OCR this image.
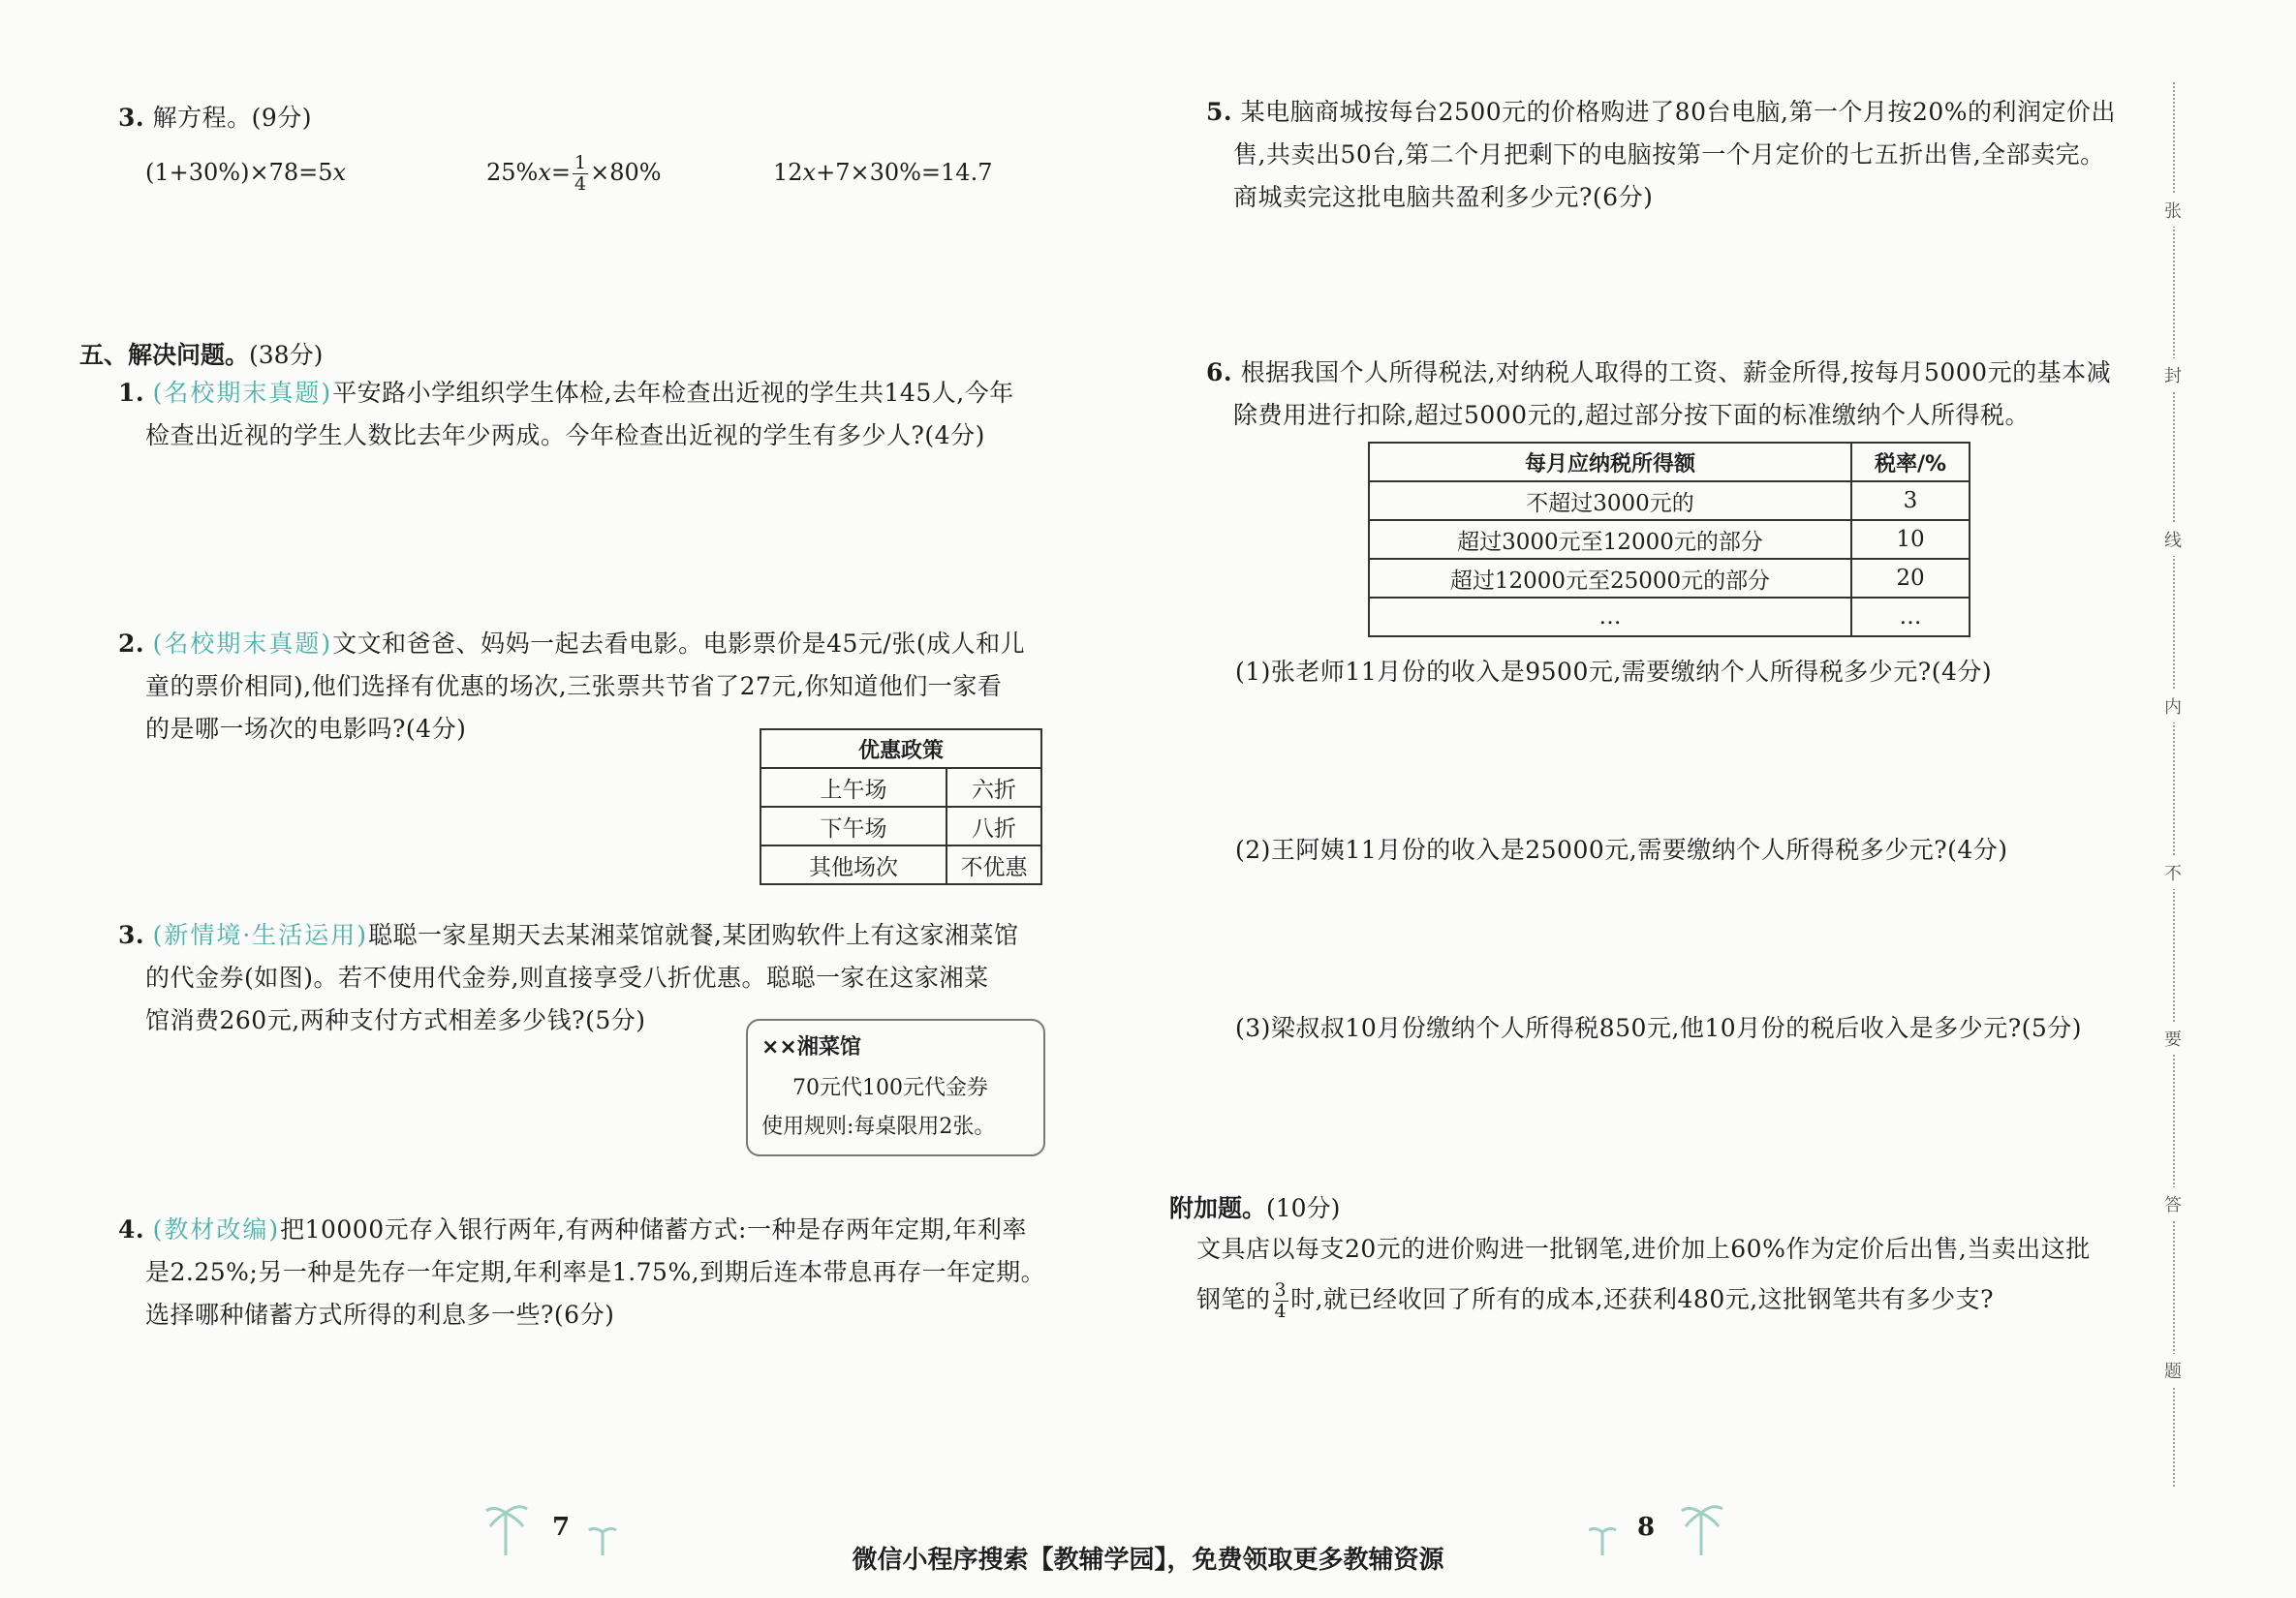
3. 解方程。(9分)
(1+30%)×78=5x	$25\%x= \frac{1}{4} \times 80\%$	12x+7×30%=14.7
五、解决问题。(38分)
1. (名校期末真题)平安路小学组织学生体检,去年检查出近视的学生共145人,今年
检查出近视的学生人数比去年少两成。今年检查出近视的学生有多少人?(4分)
2. (名校期末真题)文文和爸爸、妈妈一起去看电影。电影票价是45元/张(成人和儿
童的票价相同),他们选择有优惠的场次,三张票共节省了27元,你知道他们一家看
的是哪一场次的电影吗?(4分)
优惠政策	
上午场	六折
下午场	八折
其他场次	不优惠
3. (新情境·生活运用)聪聪一家星期天去某湘菜馆就餐,某团购软件上有这家湘菜馆
的代金券(如图)。若不使用代金券,则直接享受八折优惠。聪聪一家在这家湘菜
馆消费260元,两种支付方式相差多少钱?(5分)
××湘菜馆
70元代100元代金券
使用规则:每桌限用2张。
4. (教材改编)把10000元存入银行两年,有两种储蓄方式:一种是存两年定期,年利率
是2.25%;另一种是先存一年定期,年利率是1.75%,到期后连本带息再存一年定期。
选择哪种储蓄方式所得的利息多一些?(6分)
7
5. 某电脑商城按每台2500元的价格购进了80台电脑,第一个月按20%的利润定价出
售,共卖出50台,第二个月把剩下的电脑按第一个月定价的七五折出售,全部卖完。
商城卖完这批电脑共盈利多少元?(6分)
6. 根据我国个人所得税法,对纳税人取得的工资、薪金所得,按每月5000元的基本减
除费用进行扣除,超过5000元的,超过部分按下面的标准缴纳个人所得税。
每月应纳税所得额	税率/%
不超过3000元的	3
超过3000元至12000元的部分	10
超过12000元至25000元的部分	20
…	…
(1)张老师11月份的收入是9500元,需要缴纳个人所得税多少元?(4分)
(2)王阿姨11月份的收入是25000元,需要缴纳个人所得税多少元?(4分)
(3)梁叔叔10月份缴纳个人所得税850元,他10月份的税后收入是多少元?(5分)
附加题。(10分)
文具店以每支20元的进价购进一批钢笔,进价加上60%作为定价后出售,当卖出这批
钢笔的 $\frac{3}{4}$ 时,就已经收回了所有的成本,还获利480元,这批钢笔共有多少支?
8
张
封
线
内
不
要
答
题
微信小程序搜索【教辅学园】，免费领取更多教辅资源
